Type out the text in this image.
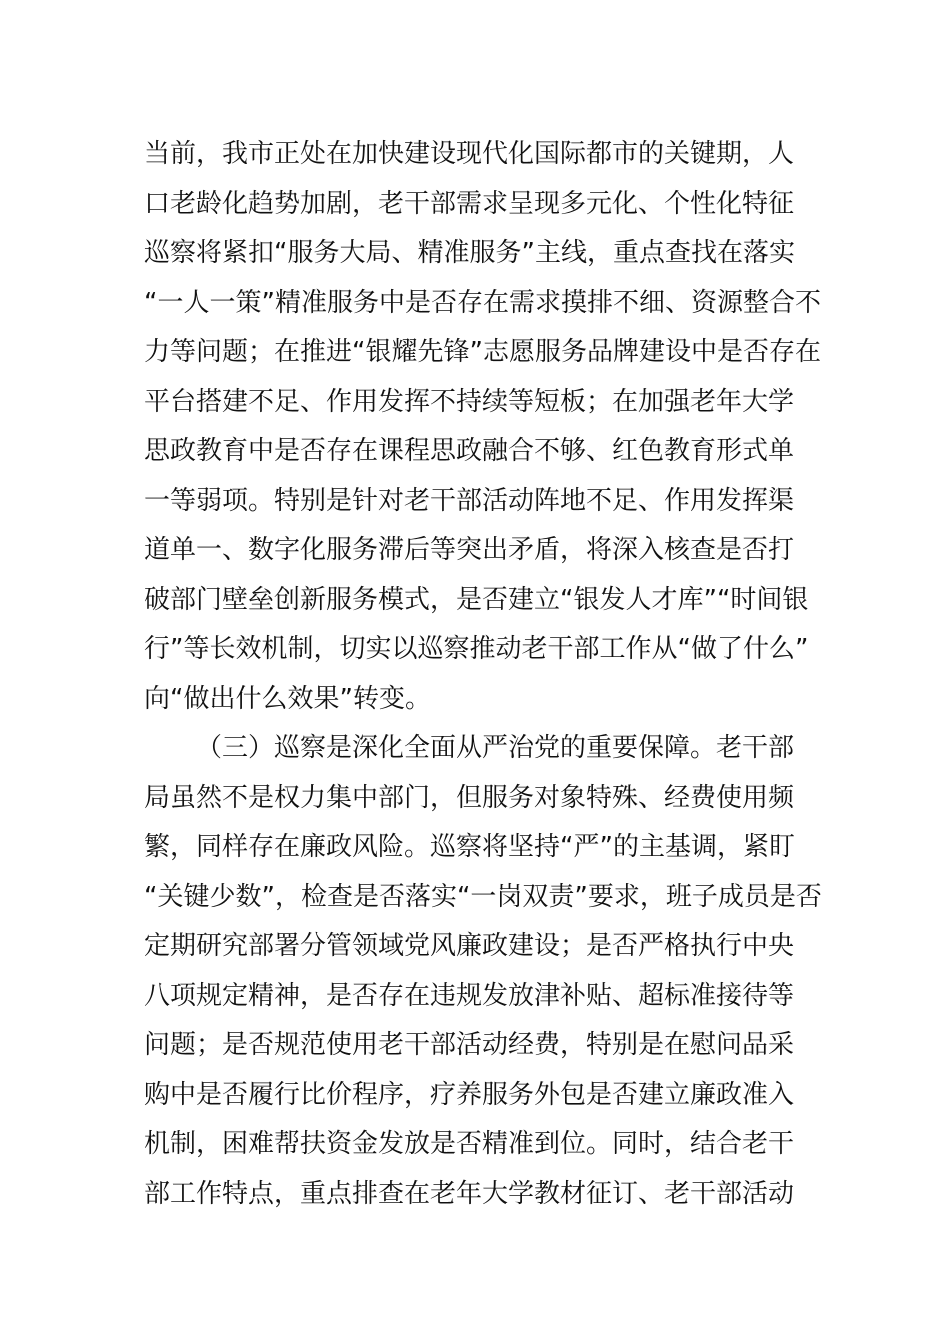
当前，我市正处在加快建设现代化国际都市的关键期，人
口老龄化趋势加剧，老干部需求呈现多元化、个性化特征
巡察将紧扣“服务大局、精准服务”主线，重点查找在落实
“一人一策”精准服务中是否存在需求摸排不细、资源整合不
力等问题；在推进“银耀先锋”志愿服务品牌建设中是否存在
平台搭建不足、作用发挥不持续等短板；在加强老年大学
思政教育中是否存在课程思政融合不够、红色教育形式单
一等弱项。特别是针对老干部活动阵地不足、作用发挥渠
道单一、数字化服务滞后等突出矛盾，将深入核查是否打
破部门壁垒创新服务模式，是否建立“银发人才库”“时间银
行”等长效机制，切实以巡察推动老干部工作从“做了什么”
向“做出什么效果”转变。
（三）巡察是深化全面从严治党的重要保障。老干部
局虽然不是权力集中部门，但服务对象特殊、经费使用频
繁，同样存在廉政风险。巡察将坚持“严”的主基调，紧盯
“关键少数”，检查是否落实“一岗双责”要求，班子成员是否
定期研究部署分管领域党风廉政建设；是否严格执行中央
八项规定精神，是否存在违规发放津补贴、超标准接待等
问题；是否规范使用老干部活动经费，特别是在慰问品采
购中是否履行比价程序，疗养服务外包是否建立廉政准入
机制，困难帮扶资金发放是否精准到位。同时，结合老干
部工作特点，重点排查在老年大学教材征订、老干部活动
